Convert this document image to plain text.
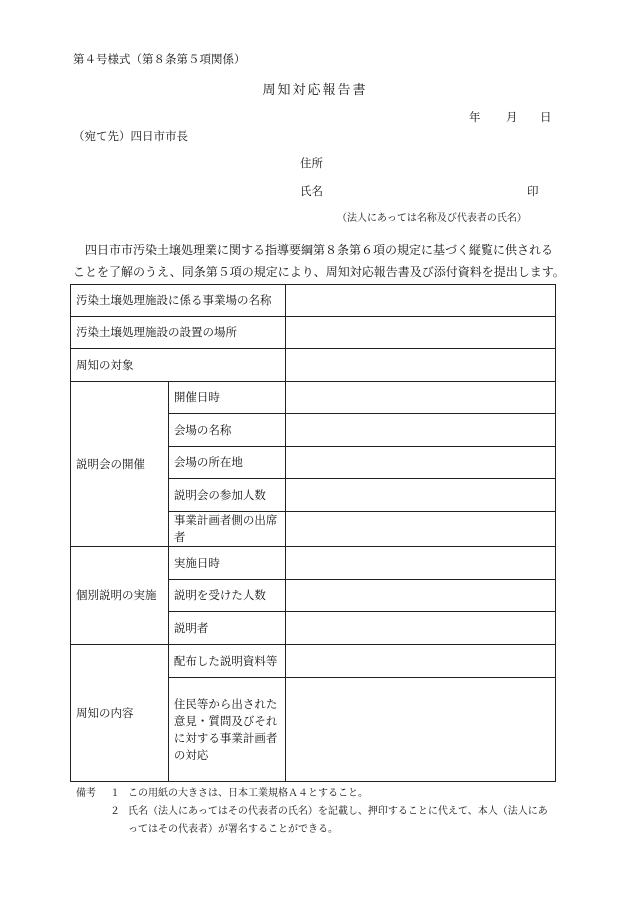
第４号様式（第８条第５項関係）
周知対応報告書
年 月 日
（宛て先）四日市市長
住所
氏名	印
（法人にあっては名称及び代表者の氏名）
四日市市汚染土壌処理業に関する指導要綱第８条第６項の規定に基づく縦覧に供される
ことを了解のうえ、同条第５項の規定により、周知対応報告書及び添付資料を提出します。
汚染土壌処理施設に係る事業場の名称		
汚染土壌処理施設の設置の場所		
周知の対象		
説明会の開催	開催日時	
	会場の名称	
	会場の所在地	
	説明会の参加人数	
	事業計画者側の出席者	
個別説明の実施	実施日時	
	説明を受けた人数	
	説明者	
周知の内容	配布した説明資料等	

	住民等から出された
意見・質問及びそれ
に対する事業計画者
の対応	

備考 １ この用紙の大きさは、日本工業規格Ａ４とすること。
２ 氏名（法人にあってはその代表者の氏名）を記載し、押印することに代えて、本人（法人にあ
ってはその代表者）が署名することができる。
